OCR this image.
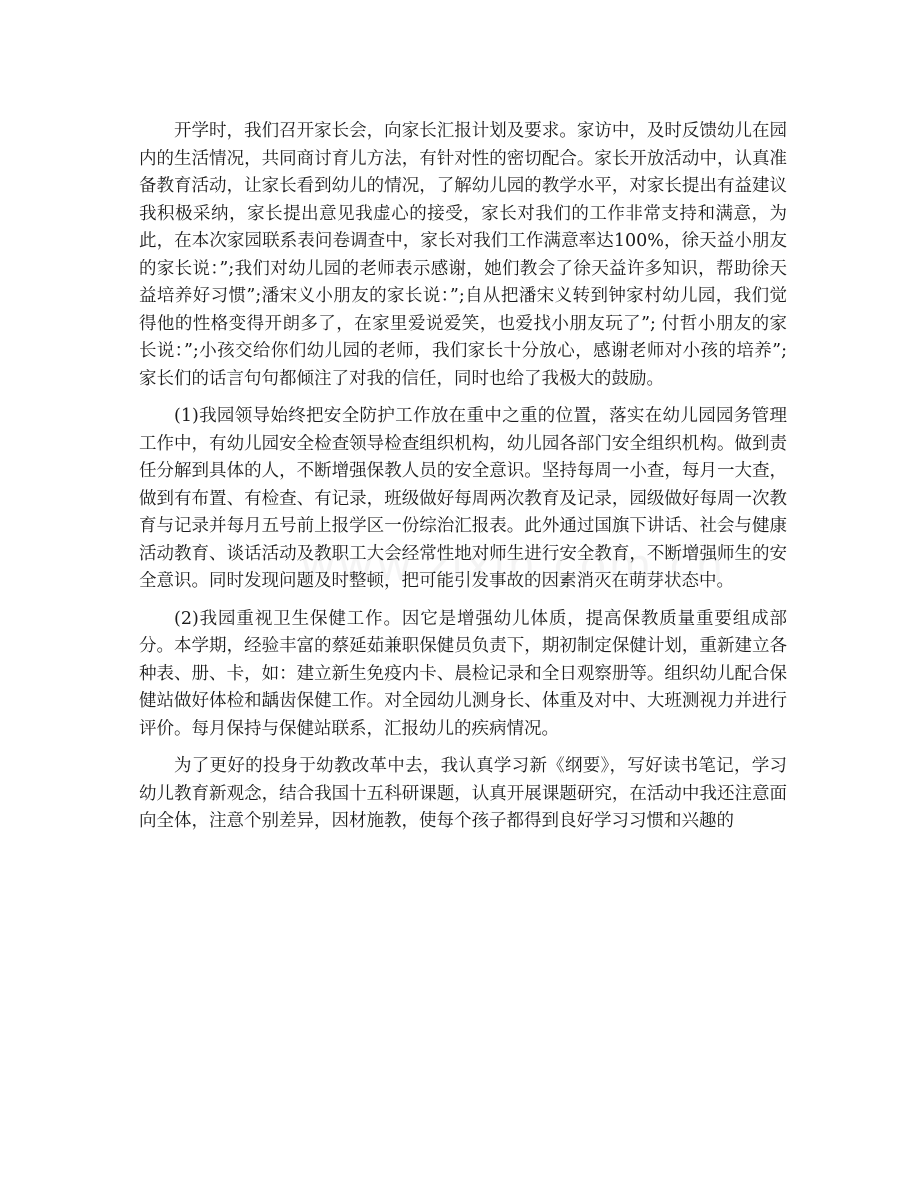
开学时，我们召开家长会，向家长汇报计划及要求。家访中，及时反馈幼儿在园内的生活情况，共同商讨育儿方法，有针对性的密切配合。家长开放活动中，认真准备教育活动，让家长看到幼儿的情况，了解幼儿园的教学水平，对家长提出有益建议我积极采纳，家长提出意见我虚心的接受，家长对我们的工作非常支持和满意，为此，在本次家园联系表问卷调查中，家长对我们工作满意率达100%，徐天益小朋友的家长说：”;我们对幼儿园的老师表示感谢，她们教会了徐天益许多知识，帮助徐天益培养好习惯”;潘宋义小朋友的家长说：”;自从把潘宋义转到钟家村幼儿园，我们觉得他的性格变得开朗多了，在家里爱说爱笑，也爱找小朋友玩了”; 付哲小朋友的家长说：”;小孩交给你们幼儿园的老师，我们家长十分放心，感谢老师对小孩的培养”;家长们的话言句句都倾注了对我的信任，同时也给了我极大的鼓励。

(1)我园领导始终把安全防护工作放在重中之重的位置，落实在幼儿园园务管理工作中，有幼儿园安全检查领导检查组织机构，幼儿园各部门安全组织机构。做到责任分解到具体的人，不断增强保教人员的安全意识。坚持每周一小查，每月一大查，做到有布置、有检查、有记录，班级做好每周两次教育及记录，园级做好每周一次教育与记录并每月五号前上报学区一份综治汇报表。此外通过国旗下讲话、社会与健康活动教育、谈话活动及教职工大会经常性地对师生进行安全教育，不断增强师生的安全意识。同时发现问题及时整顿，把可能引发事故的因素消灭在萌芽状态中。

(2)我园重视卫生保健工作。因它是增强幼儿体质，提高保教质量重要组成部分。本学期，经验丰富的蔡延茹兼职保健员负责下，期初制定保健计划，重新建立各种表、册、卡，如：建立新生免疫内卡、晨检记录和全日观察册等。组织幼儿配合保健站做好体检和龋齿保健工作。对全园幼儿测身长、体重及对中、大班测视力并进行评价。每月保持与保健站联系，汇报幼儿的疾病情况。

为了更好的投身于幼教改革中去，我认真学习新《纲要》，写好读书笔记，学习幼儿教育新观念，结合我国十五科研课题，认真开展课题研究，在活动中我还注意面向全体，注意个别差异，因材施教，使每个孩子都得到良好学习习惯和兴趣的
